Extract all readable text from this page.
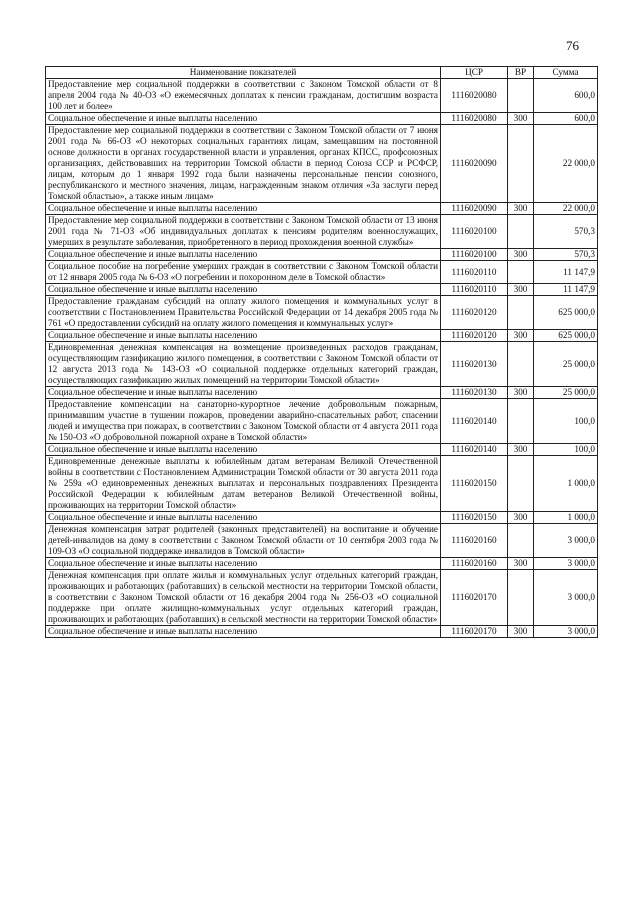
76
Наименование показателей	ЦСР	ВР	Сумма
Предоставление мер социальной поддержки в соответствии с Законом Томской области от 8 апреля 2004 года № 40-ОЗ «О ежемесячных доплатах к пенсии гражданам, достигшим возраста 100 лет и более»	1116020080		600,0
Социальное обеспечение и иные выплаты населению	1116020080	300	600,0
Предоставление мер социальной поддержки в соответствии с Законом Томской области от 7 июня 2001 года № 66-ОЗ «О некоторых социальных гарантиях лицам, замещавшим на постоянной основе должности в органах государственной власти и управления, органах КПСС, профсоюзных организациях, действовавших на территории Томской области в период Союза ССР и РСФСР, лицам, которым до 1 января 1992 года были назначены персональные пенсии союзного, республиканского и местного значения, лицам, награжденным знаком отличия «За заслуги перед Томской областью», а также иным лицам»	1116020090		22 000,0
Социальное обеспечение и иные выплаты населению	1116020090	300	22 000,0
Предоставление мер социальной поддержки в соответствии с Законом Томской области от 13 июня 2001 года № 71-ОЗ «Об индивидуальных доплатах к пенсиям родителям военнослужащих, умерших в результате заболевания, приобретенного в период прохождения военной службы»	1116020100		570,3
Социальное обеспечение и иные выплаты населению	1116020100	300	570,3
Социальное пособие на погребение умерших граждан в соответствии с Законом Томской области от 12 января 2005 года № 6-ОЗ «О погребении и похоронном деле в Томской области»	1116020110		11 147,9
Социальное обеспечение и иные выплаты населению	1116020110	300	11 147,9
Предоставление гражданам субсидий на оплату жилого помещения и коммунальных услуг в соответствии с Постановлением Правительства Российской Федерации от 14 декабря 2005 года № 761 «О предоставлении субсидий на оплату жилого помещения и коммунальных услуг»	1116020120		625 000,0
Социальное обеспечение и иные выплаты населению	1116020120	300	625 000,0
Единовременная денежная компенсация на возмещение произведенных расходов гражданам, осуществляющим газификацию жилого помещения, в соответствии с Законом Томской области от 12 августа 2013 года № 143-ОЗ «О социальной поддержке отдельных категорий граждан, осуществляющих газификацию жилых помещений на территории Томской области»	1116020130		25 000,0
Социальное обеспечение и иные выплаты населению	1116020130	300	25 000,0
Предоставление компенсации на санаторно-курортное лечение добровольным пожарным, принимавшим участие в тушении пожаров, проведении аварийно-спасательных работ, спасении людей и имущества при пожарах, в соответствии с Законом Томской области от 4 августа 2011 года № 150-ОЗ «О добровольной пожарной охране в Томской области»	1116020140		100,0
Социальное обеспечение и иные выплаты населению	1116020140	300	100,0
Единовременные денежные выплаты к юбилейным датам ветеранам Великой Отечественной войны в соответствии с Постановлением Администрации Томской области от 30 августа 2011 года № 259а «О единовременных денежных выплатах и персональных поздравлениях Президента Российской Федерации к юбилейным датам ветеранов Великой Отечественной войны, проживающих на территории Томской области»	1116020150		1 000,0
Социальное обеспечение и иные выплаты населению	1116020150	300	1 000,0
Денежная компенсация затрат родителей (законных представителей) на воспитание и обучение детей-инвалидов на дому в соответствии с Законом Томской области от 10 сентября 2003 года № 109-ОЗ «О социальной поддержке инвалидов в Томской области»	1116020160		3 000,0
Социальное обеспечение и иные выплаты населению	1116020160	300	3 000,0
Денежная компенсация при оплате жилья и коммунальных услуг отдельных категорий граждан, проживающих и работающих (работавших) в сельской местности на территории Томской области, в соответствии с Законом Томской области от 16 декабря 2004 года № 256-ОЗ «О социальной поддержке при оплате жилищно-коммунальных услуг отдельных категорий граждан, проживающих и работающих (работавших) в сельской местности на территории Томской области»	1116020170		3 000,0
Социальное обеспечение и иные выплаты населению	1116020170	300	3 000,0
